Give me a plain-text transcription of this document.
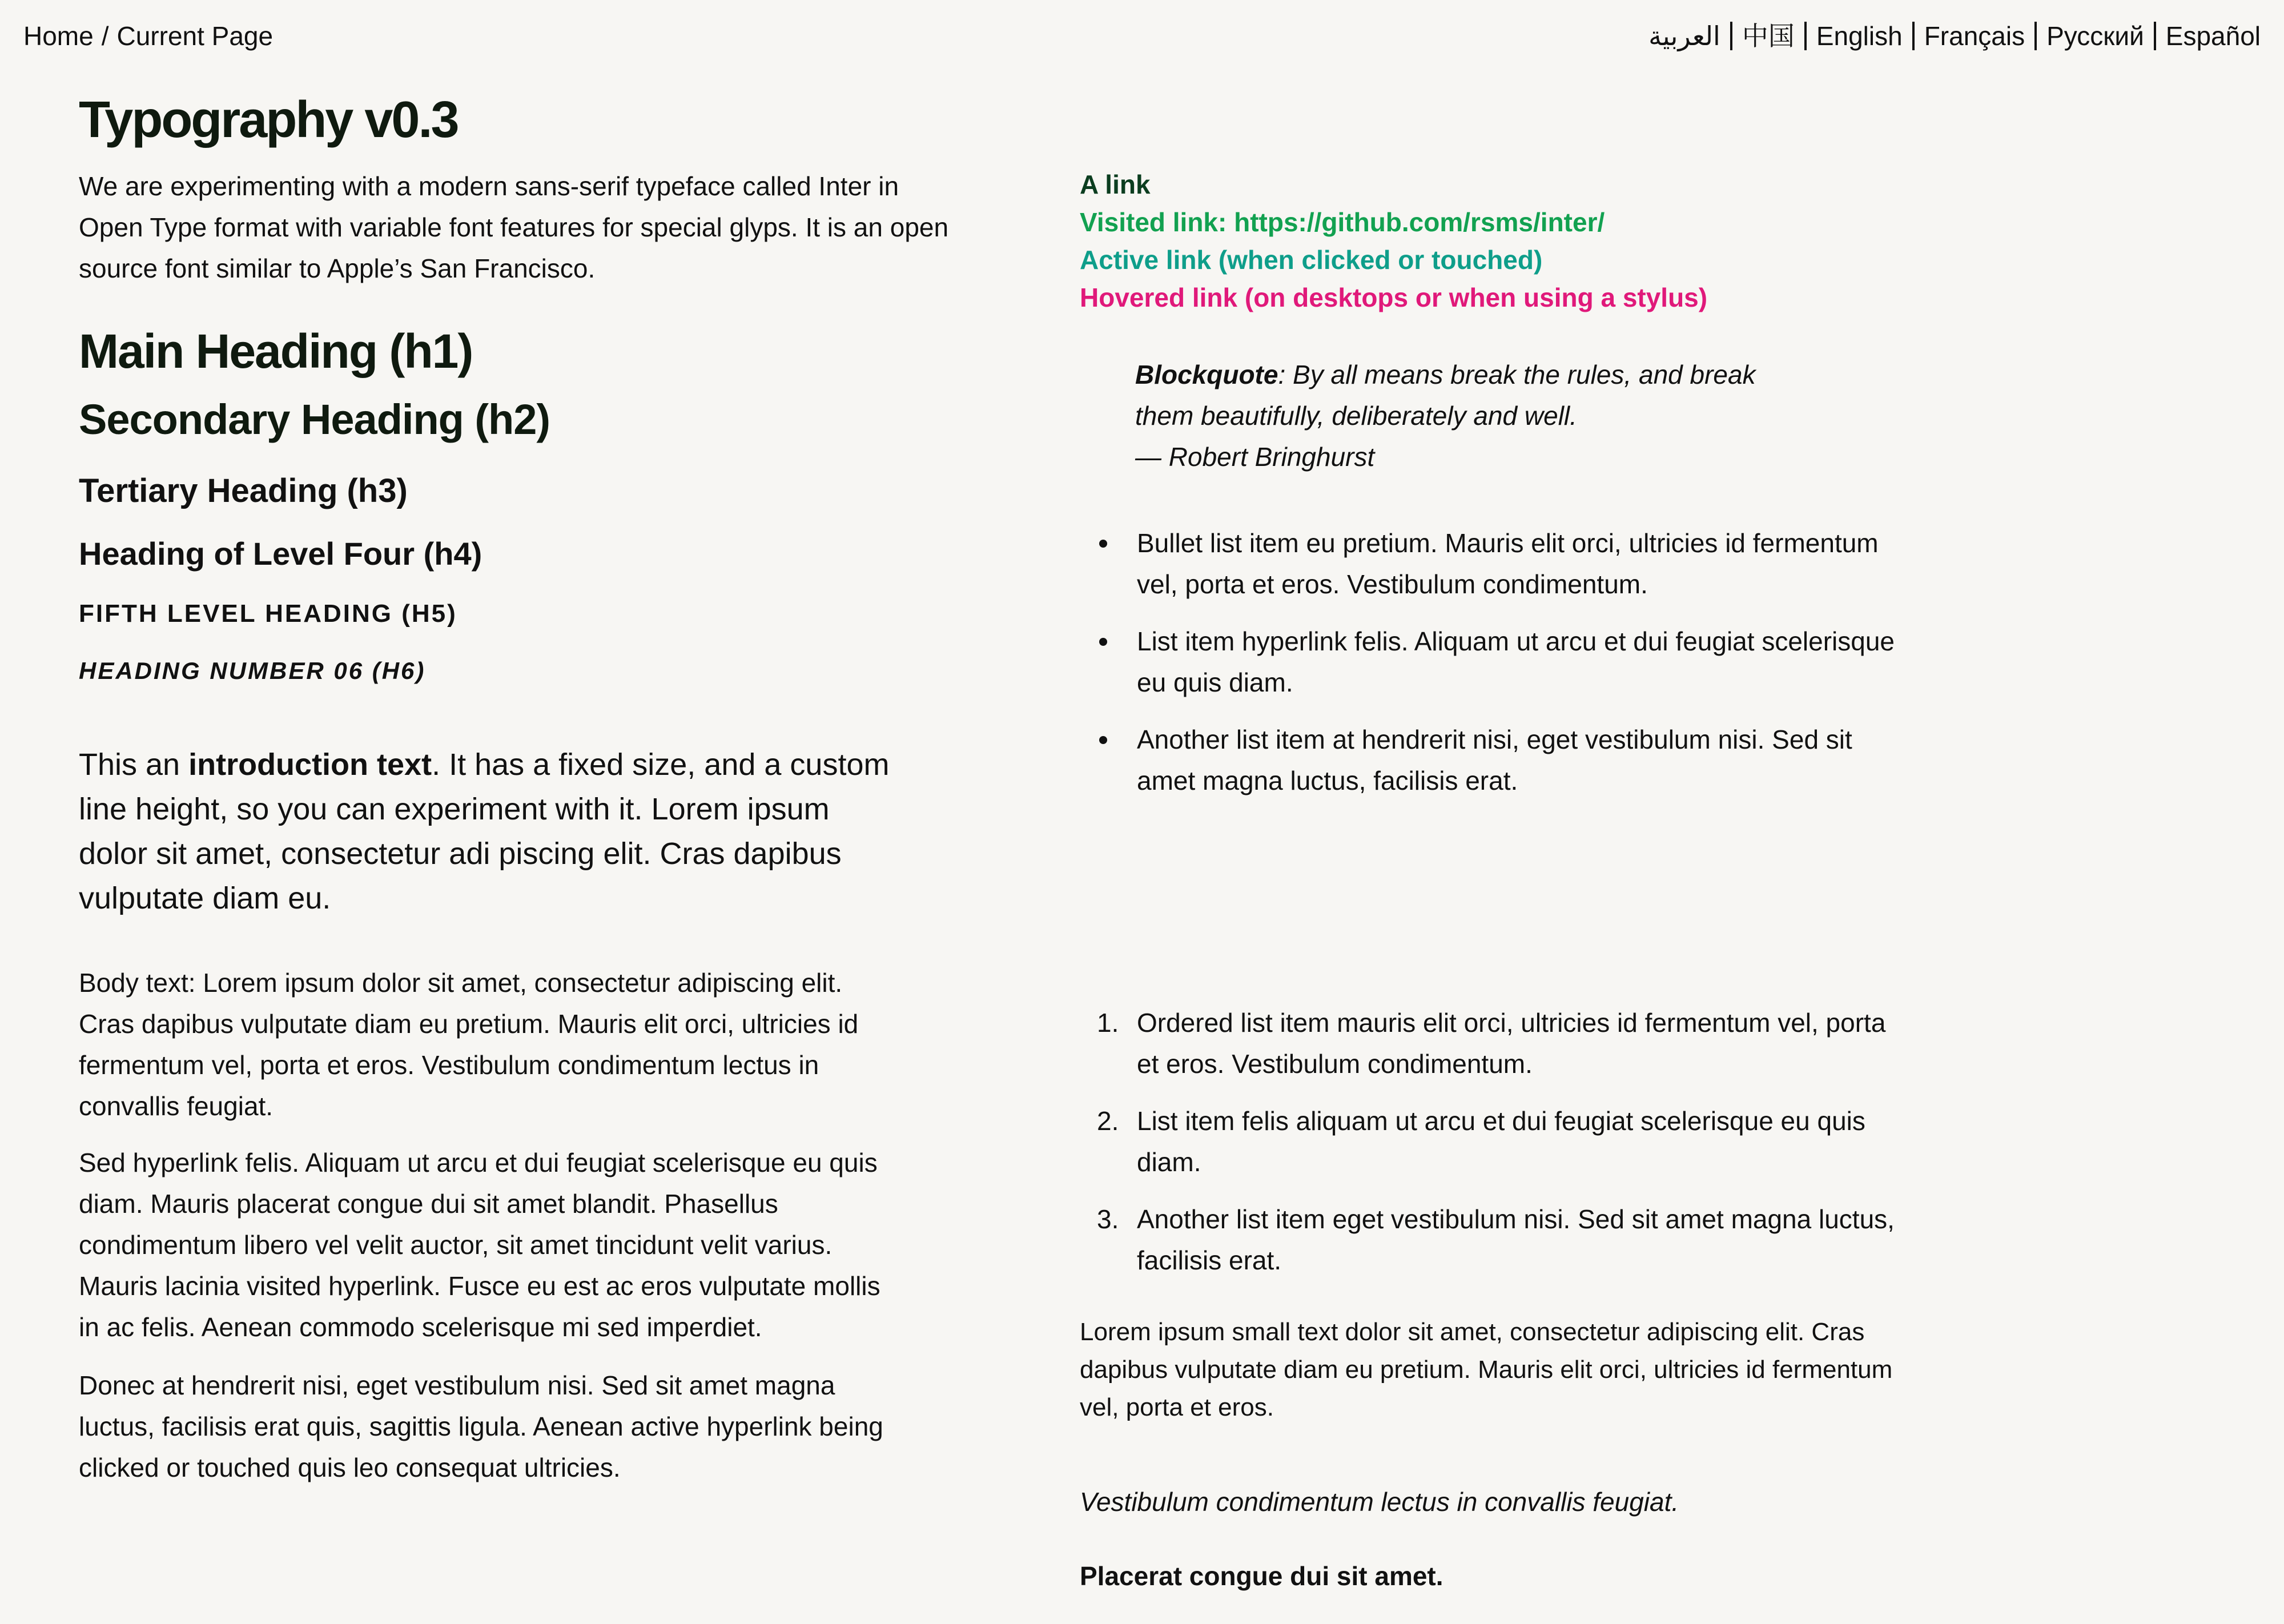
Home / Current Page	العربية 中国 English Français Русский Español
Typography v0.3

We are experimenting with a modern sans-serif typeface called Inter in Open Type format with variable font features for special glyps. It is an open source font similar to Apple’s San Francisco.

Main Heading (h1)
Secondary Heading (h2)
Tertiary Heading (h3)
Heading of Level Four (h4)
FIFTH LEVEL HEADING (H5)
HEADING NUMBER 06 (H6)

This an introduction text. It has a fixed size, and a custom line height, so you can experiment with it. Lorem ipsum dolor sit amet, consectetur adi piscing elit. Cras dapibus vulputate diam eu.

Body text: Lorem ipsum dolor sit amet, consectetur adipiscing elit. Cras dapibus vulputate diam eu pretium. Mauris elit orci, ultricies id fermentum vel, porta et eros. Vestibulum condimentum lectus in convallis feugiat.

Sed hyperlink felis. Aliquam ut arcu et dui feugiat scelerisque eu quis diam. Mauris placerat congue dui sit amet blandit. Phasellus condimentum libero vel velit auctor, sit amet tincidunt velit varius. Mauris lacinia visited hyperlink. Fusce eu est ac eros vulputate mollis in ac felis. Aenean commodo scelerisque mi sed imperdiet.

Donec at hendrerit nisi, eget vestibulum nisi. Sed sit amet magna luctus, facilisis erat quis, sagittis ligula. Aenean active hyperlink being clicked or touched quis leo consequat ultricies.

A link
Visited link: https://github.com/rsms/inter/
Active link (when clicked or touched)
Hovered link (on desktops or when using a stylus)
Blockquote: By all means break the rules, and break them beautifully, deliberately and well.
— Robert Bringhurst
Bullet list item eu pretium. Mauris elit orci, ultricies id fermentum vel, porta et eros. Vestibulum condimentum.
List item hyperlink felis. Aliquam ut arcu et dui feugiat scelerisque eu quis diam.
Another list item at hendrerit nisi, eget vestibulum nisi. Sed sit amet magna luctus, facilisis erat.
1. Ordered list item mauris elit orci, ultricies id fermentum vel, porta et eros. Vestibulum condimentum.
2. List item felis aliquam ut arcu et dui feugiat scelerisque eu quis diam.
3. Another list item eget vestibulum nisi. Sed sit amet magna luctus, facilisis erat.

Lorem ipsum small text dolor sit amet, consectetur adipiscing elit. Cras dapibus vulputate diam eu pretium. Mauris elit orci, ultricies id fermentum vel, porta et eros.

Vestibulum condimentum lectus in convallis feugiat.

Placerat congue dui sit amet.
